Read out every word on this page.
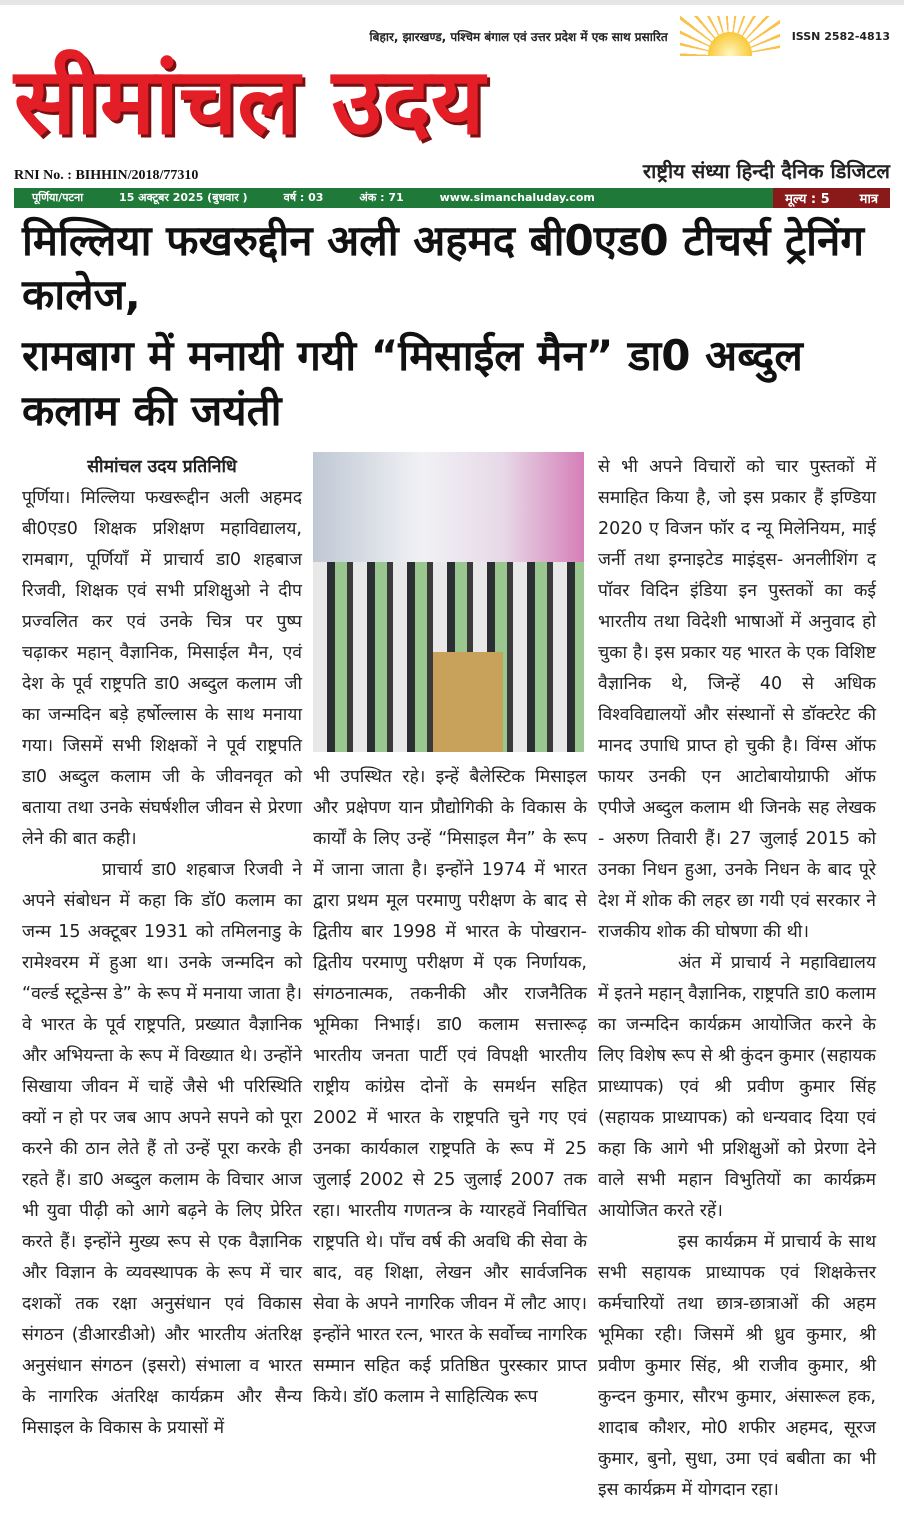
बिहार, झारखण्ड, पश्चिम बंगाल एवं उत्तर प्रदेश में एक साथ प्रसारित	ISSN 2582-4813
सीमांचल उदय
RNI No. : BIHHIN/2018/77310	राष्ट्रीय संध्या हिन्दी दैनिक डिजिटल
पूर्णिया/पटना	15 अक्टूबर 2025 (बुधवार )	वर्ष : 03	अंक : 71	www.simanchaluday.com	मूल्य : 5 मात्र
मिल्लिया फखरुद्दीन अली अहमद बी0एड0 टीचर्स ट्रेनिंग कालेज,
रामबाग में मनायी गयी “मिसाईल मैन” डा0 अब्दुल कलाम की जयंती

सीमांचल उदय प्रतिनिधि

पूर्णिया। मिल्लिया फखरूद्दीन अली अहमद बी0एड0 शिक्षक प्रशिक्षण महाविद्यालय, रामबाग, पूर्णियाँ में प्राचार्य डा0 शहबाज रिजवी, शिक्षक एवं सभी प्रशिक्षुओ ने दीप प्रज्वलित कर एवं उनके चित्र पर पुष्प चढ़ाकर महान् वैज्ञानिक, मिसाईल मैन, एवं देश के पूर्व राष्ट्रपति डा0 अब्दुल कलाम जी का जन्मदिन बड़े हर्षोल्लास के साथ मनाया गया। जिसमें सभी शिक्षकों ने पूर्व राष्ट्रपति डा0 अब्दुल कलाम जी के जीवनवृत को बताया तथा उनके संघर्षशील जीवन से प्रेरणा लेने की बात कही।

प्राचार्य डा0 शहबाज रिजवी ने अपने संबोधन में कहा कि डॉ0 कलाम का जन्म 15 अक्टूबर 1931 को तमिलनाडु के रामेश्वरम में हुआ था। उनके जन्मदिन को “वर्ल्ड स्टूडेन्स डे” के रूप में मनाया जाता है। वे भारत के पूर्व राष्ट्रपति, प्रख्यात वैज्ञानिक और अभियन्ता के रूप में विख्यात थे। उन्होंने सिखाया जीवन में चाहें जैसे भी परिस्थिति क्यों न हो पर जब आप अपने सपने को पूरा करने की ठान लेते हैं तो उन्हें पूरा करके ही रहते हैं। डा0 अब्दुल कलाम के विचार आज भी युवा पीढ़ी को आगे बढ़ने के लिए प्रेरित करते हैं। इन्होंने मुख्य रूप से एक वैज्ञानिक और विज्ञान के व्यवस्थापक के रूप में चार दशकों तक रक्षा अनुसंधान एवं विकास संगठन (डीआरडीओ) और भारतीय अंतरिक्ष अनुसंधान संगठन (इसरो) संभाला व भारत के नागरिक अंतरिक्ष कार्यक्रम और सैन्य मिसाइल के विकास के प्रयासों में

भी उपस्थित रहे। इन्हें बैलेस्टिक मिसाइल और प्रक्षेपण यान प्रौद्योगिकी के विकास के कार्यों के लिए उन्हें “मिसाइल मैन” के रूप में जाना जाता है। इन्होंने 1974 में भारत द्वारा प्रथम मूल परमाणु परीक्षण के बाद से द्वितीय बार 1998 में भारत के पोखरान-द्वितीय परमाणु परीक्षण में एक निर्णायक, संगठनात्मक, तकनीकी और राजनैतिक भूमिका निभाई। डा0 कलाम सत्तारूढ़ भारतीय जनता पार्टी एवं विपक्षी भारतीय राष्ट्रीय कांग्रेस दोनों के समर्थन सहित 2002 में भारत के राष्ट्रपति चुने गए एवं उनका कार्यकाल राष्ट्रपति के रूप में 25 जुलाई 2002 से 25 जुलाई 2007 तक रहा। भारतीय गणतन्त्र के ग्यारहवें निर्वाचित राष्ट्रपति थे। पाँच वर्ष की अवधि की सेवा के बाद, वह शिक्षा, लेखन और सार्वजनिक सेवा के अपने नागरिक जीवन में लौट आए। इन्होंने भारत रत्न, भारत के सर्वोच्च नागरिक सम्मान सहित कई प्रतिष्ठित पुरस्कार प्राप्त किये। डॉ0 कलाम ने साहित्यिक रूप

से भी अपने विचारों को चार पुस्तकों में समाहित किया है, जो इस प्रकार हैं इण्डिया 2020 ए विजन फॉर द न्यू मिलेनियम, माई जर्नी तथा इग्नाइटेड माइंड्स- अनलीशिंग द पॉवर विदिन इंडिया इन पुस्तकों का कई भारतीय तथा विदेशी भाषाओं में अनुवाद हो चुका है। इस प्रकार यह भारत के एक विशिष्ट वैज्ञानिक थे, जिन्हें 40 से अधिक विश्वविद्यालयों और संस्थानों से डॉक्टरेट की मानद उपाधि प्राप्त हो चुकी है। विंग्स ऑफ फायर उनकी एन आटोबायोग्राफी ऑफ एपीजे अब्दुल कलाम थी जिनके सह लेखक - अरुण तिवारी हैं। 27 जुलाई 2015 को उनका निधन हुआ, उनके निधन के बाद पूरे देश में शोक की लहर छा गयी एवं सरकार ने राजकीय शोक की घोषणा की थी।

अंत में प्राचार्य ने महाविद्यालय में इतने महान् वैज्ञानिक, राष्ट्रपति डा0 कलाम का जन्मदिन कार्यक्रम आयोजित करने के लिए विशेष रूप से श्री कुंदन कुमार (सहायक प्राध्यापक) एवं श्री प्रवीण कुमार सिंह (सहायक प्राध्यापक) को धन्यवाद दिया एवं कहा कि आगे भी प्रशिक्षुओं को प्रेरणा देने वाले सभी महान विभुतियों का कार्यक्रम आयोजित करते रहें।

इस कार्यक्रम में प्राचार्य के साथ सभी सहायक प्राध्यापक एवं शिक्षकेत्तर कर्मचारियों तथा छात्र-छात्राओं की अहम भूमिका रही। जिसमें श्री ध्रुव कुमार, श्री प्रवीण कुमार सिंह, श्री राजीव कुमार, श्री कुन्दन कुमार, सौरभ कुमार, अंसारूल हक, शादाब कौशर, मो0 शफीर अहमद, सूरज कुमार, बुनो, सुधा, उमा एवं बबीता का भी इस कार्यक्रम में योगदान रहा।
